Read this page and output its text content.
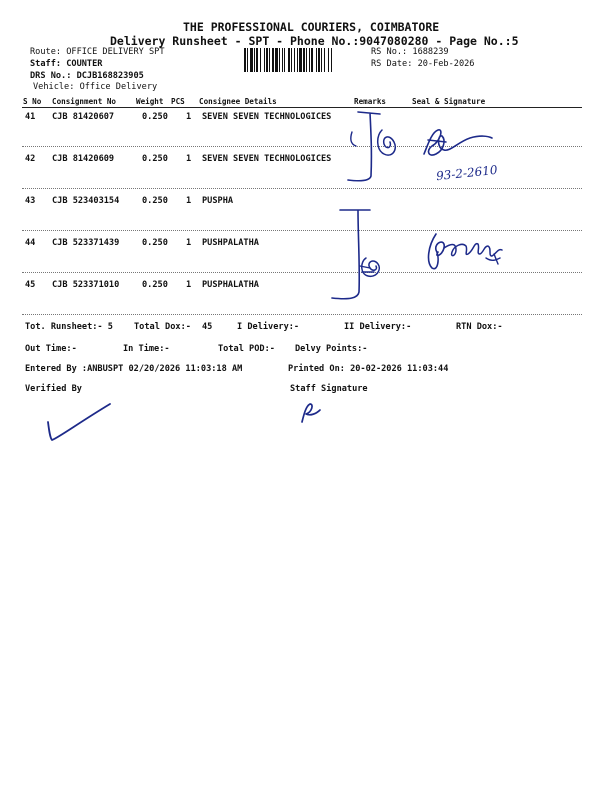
THE PROFESSIONAL COURIERS, COIMBATORE
Delivery Runsheet - SPT - Phone No.:9047080280 - Page No.:5
Route: OFFICE DELIVERY SPT
Staff: COUNTER
DRS No.: DCJB168823905
Vehicle: Office Delivery
RS No.: 1688239
RS Date: 20-Feb-2026
S No Consignment No	Weight PCS Consignee Details	Remarks	Seal & Signature
41 CJB 81420607	0.250 1 SEVEN SEVEN TECHNOLOGICES
42 CJB 81420609	0.250 1 SEVEN SEVEN TECHNOLOGICES
43 CJB 523403154	0.250 1 PUSPHA
44 CJB 523371439	0.250 1 PUSHPALATHA
45 CJB 523371010	0.250 1 PUSPHALATHA
93-2-2610
Tot. Runsheet:- 5 Total Dox:- 45	I Delivery:-	II Delivery:-	RTN Dox:-
Out Time:-	In Time:-	Total POD:- Delvy Points:-
Entered By :ANBUSPT 02/20/2026 11:03:18 AM	Printed On: 20-02-2026 11:03:44
Verified By	Staff Signature
